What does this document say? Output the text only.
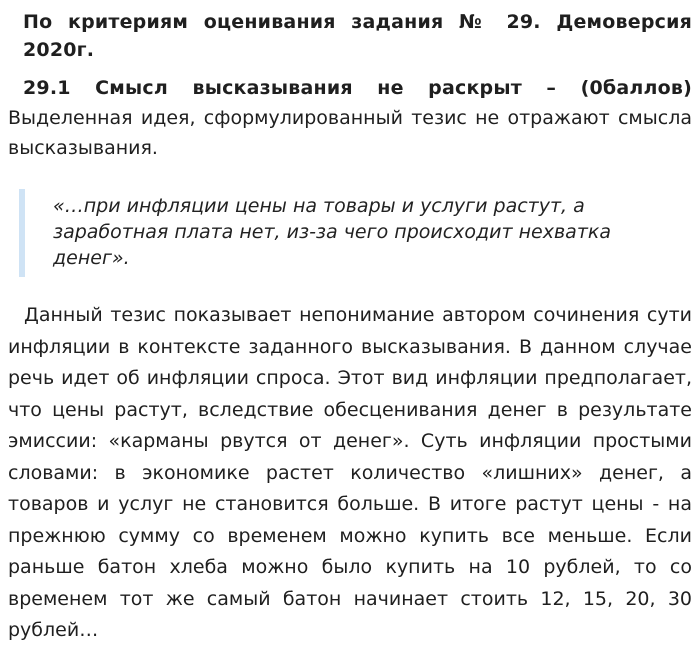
По критериям оценивания задания № 29. Демоверсия 2020г.
29.1 Смысл высказывания не раскрыт – (0баллов)

Выделенная идея, сформулированный тезис не отражают смысла высказывания.

«…при инфляции цены на товары и услуги растут, а заработная плата нет, из-за чего происходит нехватка денег».

Данный тезис показывает непонимание автором сочинения сути инфляции в контексте заданного высказывания. В данном случае речь идет об инфляции спроса. Этот вид инфляции предполагает, что цены растут, вследствие обесценивания денег в результате эмиссии: «карманы рвутся от денег». Суть инфляции простыми словами: в экономике растет количество «лишних» денег, а товаров и услуг не становится больше. В итоге растут цены - на прежнюю сумму со временем можно купить все меньше. Если раньше батон хлеба можно было купить на 10 рублей, то со временем тот же самый батон начинает стоить 12, 15, 20, 30 рублей…
